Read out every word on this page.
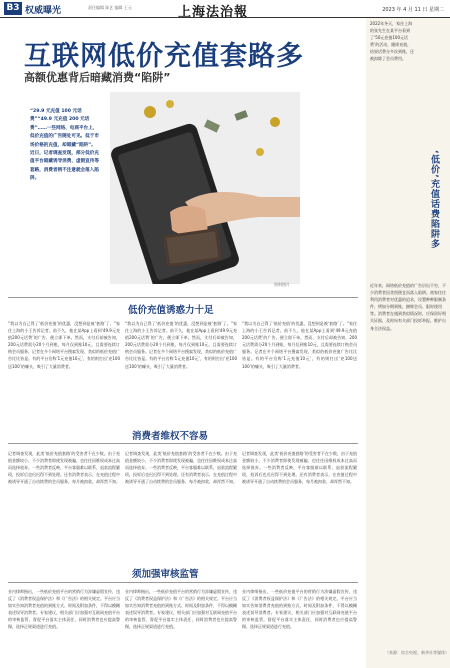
B3 权威曝光	责任编辑 陈艺 编辑 王元	上海法治報	2023 年 4 月 11 日 星期二
互联网低价充值套路多
高额优惠背后暗藏消费“陷阱”
“29.9 元充值 100 元话费”“49.9 元充值 200 元话费”……一些网络、电商平台上，低价充值的广告随处可见。低于市场价格的充值，却暗藏“陷阱”。近日，记者调查发现，部分低价充值平台暗藏诱导消费、虚假宣传等套路，消费者稍不注意就会落入陷阱。
资料图片
低价充值诱惑力十足
“我以为自己得了‘低价充值’的优惠，没想到是被‘套路’了。”家住上海的小王告诉记者。前不久，他在某App上看到‘49.9元充值200元话费’的广告，便立即下单。然而，支付后却被告知，200元话费需分20个月到账，每月仅到账10元，且需要连续订购会员服务。记者在多个网络平台搜索发现，类似的低价充值广告比比皆是。有的平台宣称‘1元充值10元’，有的则打出‘充100送100’的噱头，吸引了大量消费者。
“我以为自己得了‘低价充值’的优惠，没想到是被‘套路’了。”家住上海的小王告诉记者。前不久，他在某App上看到‘49.9元充值200元话费’的广告，便立即下单。然而，支付后却被告知，200元话费需分20个月到账，每月仅到账10元，且需要连续订购会员服务。记者在多个网络平台搜索发现，类似的低价充值广告比比皆是。有的平台宣称‘1元充值10元’，有的则打出‘充100送100’的噱头，吸引了大量消费者。
“我以为自己得了‘低价充值’的优惠，没想到是被‘套路’了。”家住上海的小王告诉记者。前不久，他在某App上看到‘49.9元充值200元话费’的广告，便立即下单。然而，支付后却被告知，200元话费需分20个月到账，每月仅到账10元，且需要连续订购会员服务。记者在多个网络平台搜索发现，类似的低价充值广告比比皆是。有的平台宣称‘1元充值10元’，有的则打出‘充100送100’的噱头，吸引了大量消费者。
消费者维权不容易
记者调查发现，此类‘低价充值套路’的受害者不在少数。由于充值金额较小，不少消费者即使发现被骗，也往往因维权成本过高而选择放弃。一些消费者反映，平台客服难以联系，退款流程繁琐，投诉后也迟迟得不到处理。还有消费者表示，在充值过程中被诱导开通了自动续费的会员服务，每月被扣款，却浑然不知。
记者调查发现，此类‘低价充值套路’的受害者不在少数。由于充值金额较小，不少消费者即使发现被骗，也往往因维权成本过高而选择放弃。一些消费者反映，平台客服难以联系，退款流程繁琐，投诉后也迟迟得不到处理。还有消费者表示，在充值过程中被诱导开通了自动续费的会员服务，每月被扣款，却浑然不知。
记者调查发现，此类‘低价充值套路’的受害者不在少数。由于充值金额较小，不少消费者即使发现被骗，也往往因维权成本过高而选择放弃。一些消费者反映，平台客服难以联系，退款流程繁琐，投诉后也迟迟得不到处理。还有消费者表示，在充值过程中被诱导开通了自动续费的会员服务，每月被扣款，却浑然不知。
须加强审核监管
业内律师指出，一些低价充值平台的营销行为涉嫌虚假宣传，违反了《消费者权益保护法》和《广告法》的相关规定。平台应当如实告知消费者充值的到账方式、时间及附加条件，不得以模糊表述误导消费者。专家建议，相关部门应加强对互联网充值平台的审核监管，督促平台落实主体责任，同时消费者也应提高警惕，选择正规渠道进行充值。
业内律师指出，一些低价充值平台的营销行为涉嫌虚假宣传，违反了《消费者权益保护法》和《广告法》的相关规定。平台应当如实告知消费者充值的到账方式、时间及附加条件，不得以模糊表述误导消费者。专家建议，相关部门应加强对互联网充值平台的审核监管，督促平台落实主体责任，同时消费者也应提高警惕，选择正规渠道进行充值。
业内律师指出，一些低价充值平台的营销行为涉嫌虚假宣传，违反了《消费者权益保护法》和《广告法》的相关规定。平台应当如实告知消费者充值的到账方式、时间及附加条件，不得以模糊表述误导消费者。专家建议，相关部门应加强对互联网充值平台的审核监管，督促平台落实主体责任，同时消费者也应提高警惕，选择正规渠道进行充值。
2022年冬天，家住上海的张先生在某平台看到了‘50元充值100元话费’的活动，随即充值，结果话费分多次到账，还被扣除了会员费用。
‘低价’充值话费陷阱多
近年来，网络低价充值的广告层出不穷，不少消费者因贪图便宜而落入陷阱。商家往往利用消费者对优惠的追求，设置种种限制条件，例如分期到账、捆绑会员、限时使用等。消费者在遇到类似情况时，应保留好相关证据，及时向有关部门投诉举报，维护自身合法权益。
（来源：综合央视、新华社等媒体）
